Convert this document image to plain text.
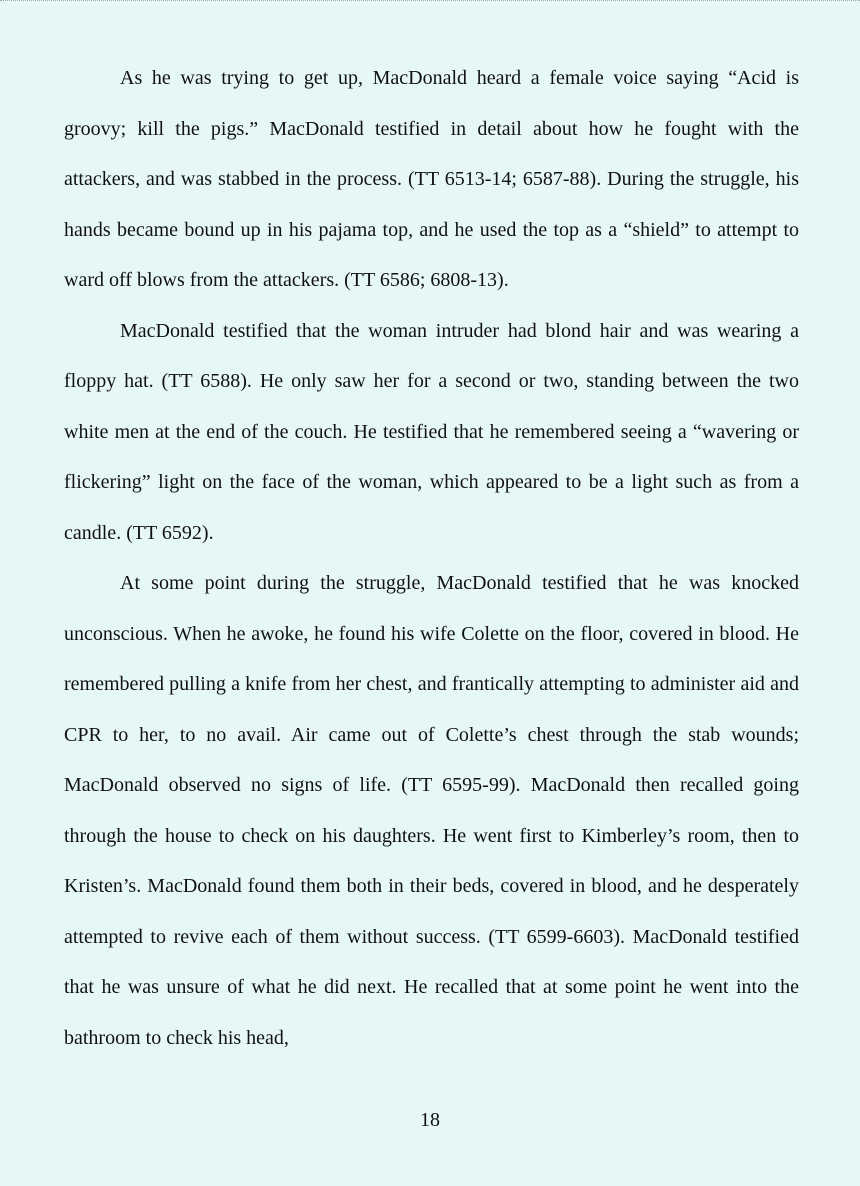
As he was trying to get up, MacDonald heard a female voice saying “Acid is groovy; kill the pigs.” MacDonald testified in detail about how he fought with the attackers, and was stabbed in the process. (TT 6513-14; 6587-88). During the struggle, his hands became bound up in his pajama top, and he used the top as a “shield” to attempt to ward off blows from the attackers. (TT 6586; 6808-13).

MacDonald testified that the woman intruder had blond hair and was wearing a floppy hat. (TT 6588). He only saw her for a second or two, standing between the two white men at the end of the couch. He testified that he remembered seeing a “wavering or flickering” light on the face of the woman, which appeared to be a light such as from a candle. (TT 6592).

At some point during the struggle, MacDonald testified that he was knocked unconscious. When he awoke, he found his wife Colette on the floor, covered in blood. He remembered pulling a knife from her chest, and frantically attempting to administer aid and CPR to her, to no avail. Air came out of Colette’s chest through the stab wounds; MacDonald observed no signs of life. (TT 6595-99). MacDonald then recalled going through the house to check on his daughters. He went first to Kimberley’s room, then to Kristen’s. MacDonald found them both in their beds, covered in blood, and he desperately attempted to revive each of them without success. (TT 6599-6603). MacDonald testified that he was unsure of what he did next. He recalled that at some point he went into the bathroom to check his head,

18
